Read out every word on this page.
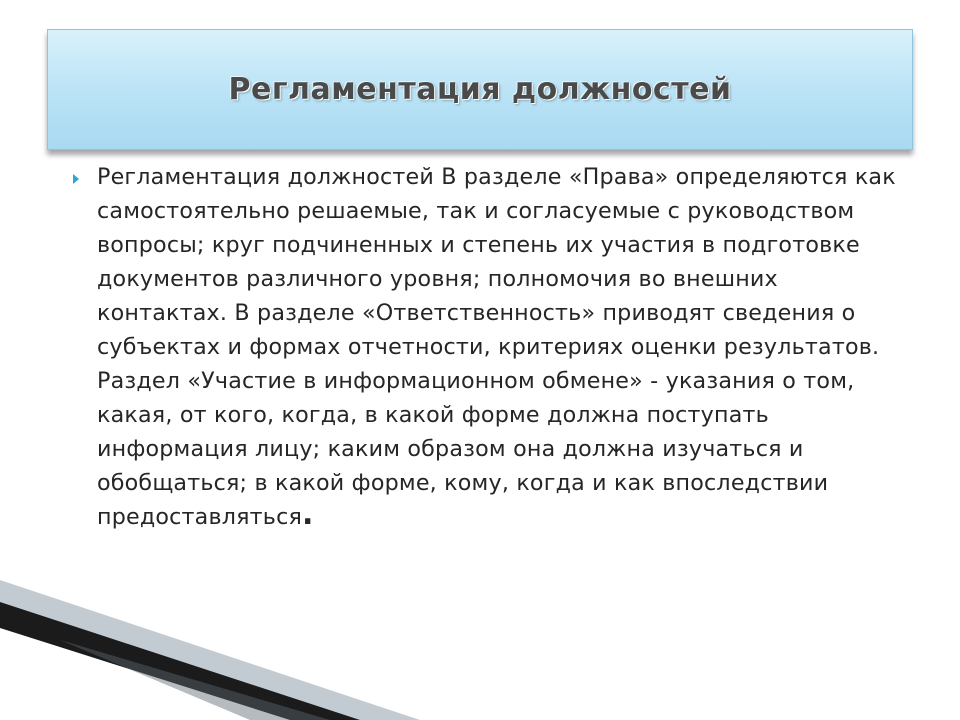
Регламентация должностей

Регламентация должностей В разделе «Права» определяются как самостоятельно решаемые, так и согласуемые с руководством вопросы; круг подчиненных и степень их участия в подготовке документов различного уровня; полномочия во внешних контактах. В разделе «Ответственность» приводят сведения о субъектах и формах отчетности, критериях оценки результатов. Раздел «Участие в информационном обмене» - указания о том, какая, от кого, когда, в какой форме должна поступать информация лицу; каким образом она должна изучаться и обобщаться; в какой форме, кому, когда и как впоследствии предоставляться.
